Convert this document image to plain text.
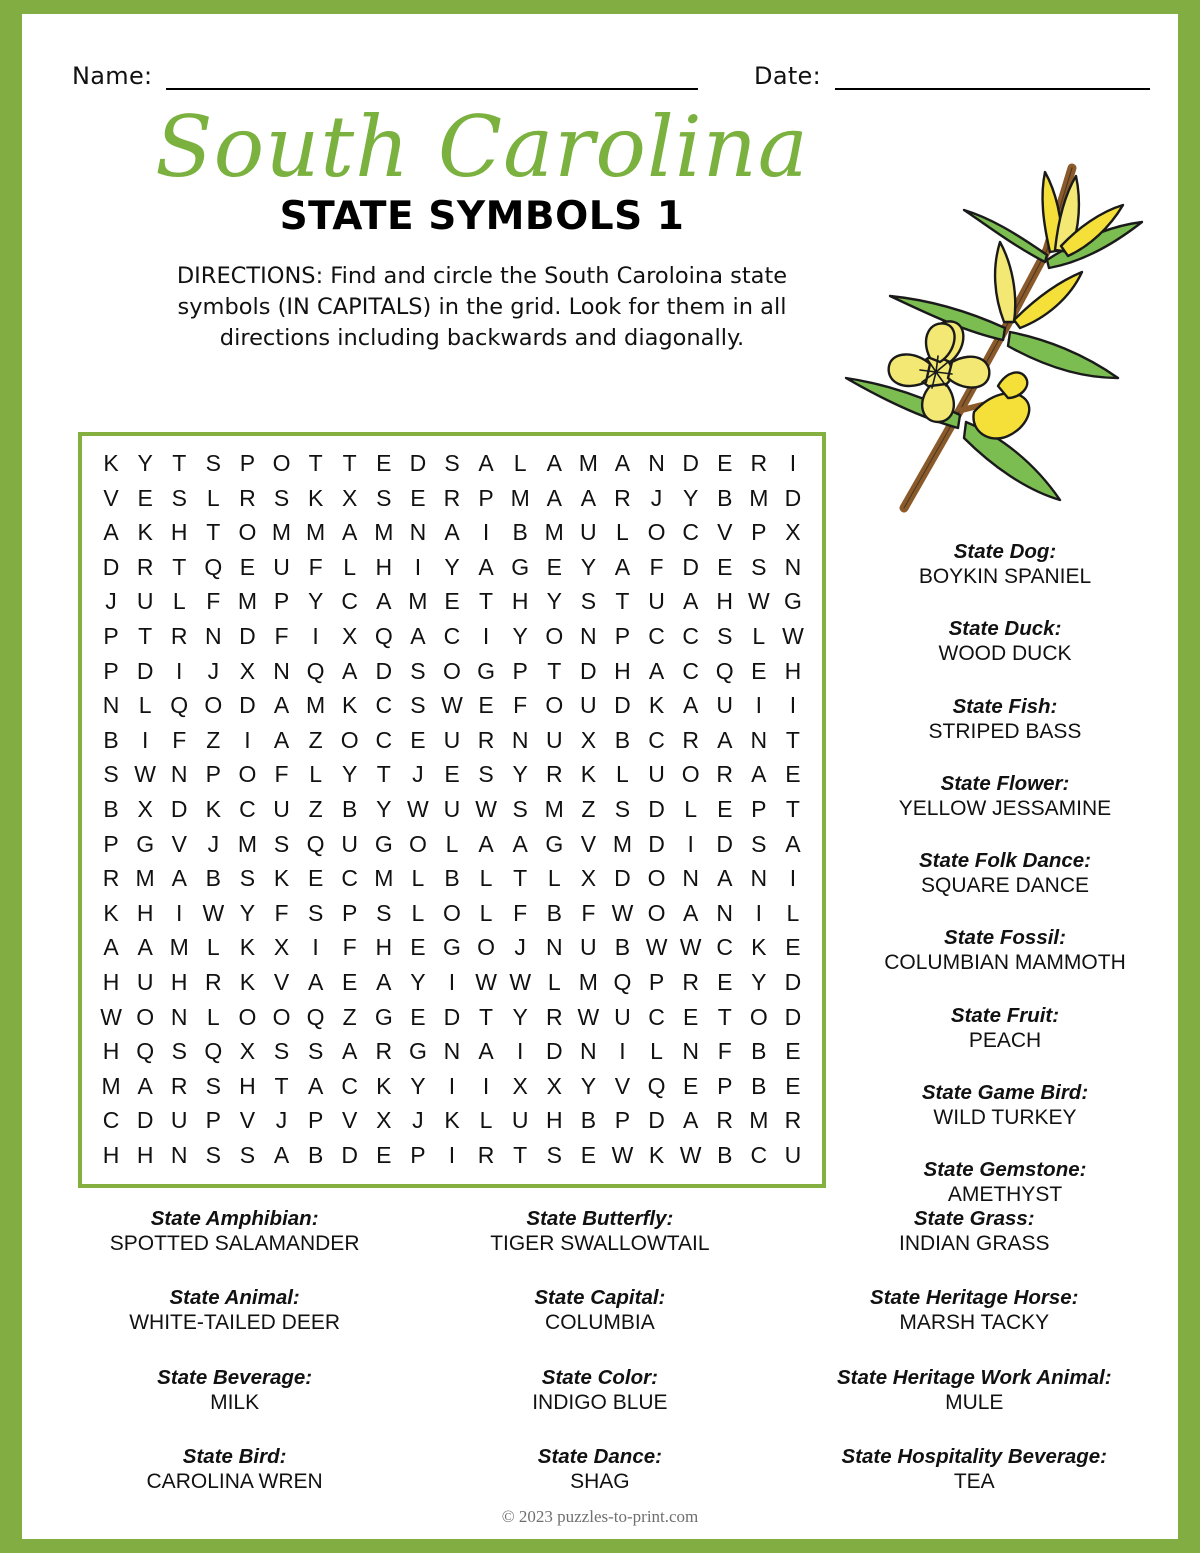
Name:	Date:
South Carolina
STATE SYMBOLS 1
DIRECTIONS: Find and circle the South Caroloina state symbols (IN CAPITALS) in the grid. Look for them in all directions including backwards and diagonally.
K	Y	T	S	P	O	T	T	E	D	S	A	L	A	M	A	N	D	E	R	I
V	E	S	L	R	S	K	X	S	E	R	P	M	A	A	R	J	Y	B	M	D
A	K	H	T	O	M	M	A	M	N	A	I	B	M	U	L	O	C	V	P	X
D	R	T	Q	E	U	F	L	H	I	Y	A	G	E	Y	A	F	D	E	S	N
J	U	L	F	M	P	Y	C	A	M	E	T	H	Y	S	T	U	A	H	W	G
P	T	R	N	D	F	I	X	Q	A	C	I	Y	O	N	P	C	C	S	L	W
P	D	I	J	X	N	Q	A	D	S	O	G	P	T	D	H	A	C	Q	E	H
N	L	Q	O	D	A	M	K	C	S	W	E	F	O	U	D	K	A	U	I	I
B	I	F	Z	I	A	Z	O	C	E	U	R	N	U	X	B	C	R	A	N	T
S	W	N	P	O	F	L	Y	T	J	E	S	Y	R	K	L	U	O	R	A	E
B	X	D	K	C	U	Z	B	Y	W	U	W	S	M	Z	S	D	L	E	P	T
P	G	V	J	M	S	Q	U	G	O	L	A	A	G	V	M	D	I	D	S	A
R	M	A	B	S	K	E	C	M	L	B	L	T	L	X	D	O	N	A	N	I
K	H	I	W	Y	F	S	P	S	L	O	L	F	B	F	W	O	A	N	I	L
A	A	M	L	K	X	I	F	H	E	G	O	J	N	U	B	W	W	C	K	E
H	U	H	R	K	V	A	E	A	Y	I	W	W	L	M	Q	P	R	E	Y	D
W	O	N	L	O	O	Q	Z	G	E	D	T	Y	R	W	U	C	E	T	O	D
H	Q	S	Q	X	S	S	A	R	G	N	A	I	D	N	I	L	N	F	B	E
M	A	R	S	H	T	A	C	K	Y	I	I	X	X	Y	V	Q	E	P	B	E
C	D	U	P	V	J	P	V	X	J	K	L	U	H	B	P	D	A	R	M	R
H	H	N	S	S	A	B	D	E	P	I	R	T	S	E	W	K	W	B	C	U
State Dog:
BOYKIN SPANIEL
State Duck:
WOOD DUCK
State Fish:
STRIPED BASS
State Flower:
YELLOW JESSAMINE
State Folk Dance:
SQUARE DANCE
State Fossil:
COLUMBIAN MAMMOTH
State Fruit:
PEACH
State Game Bird:
WILD TURKEY
State Gemstone:
AMETHYST
State Amphibian:
SPOTTED SALAMANDER
State Animal:
WHITE-TAILED DEER
State Beverage:
MILK
State Bird:
CAROLINA WREN
State Butterfly:
TIGER SWALLOWTAIL
State Capital:
COLUMBIA
State Color:
INDIGO BLUE
State Dance:
SHAG
State Grass:
INDIAN GRASS
State Heritage Horse:
MARSH TACKY
State Heritage Work Animal:
MULE
State Hospitality Beverage:
TEA
© 2023 puzzles-to-print.com
